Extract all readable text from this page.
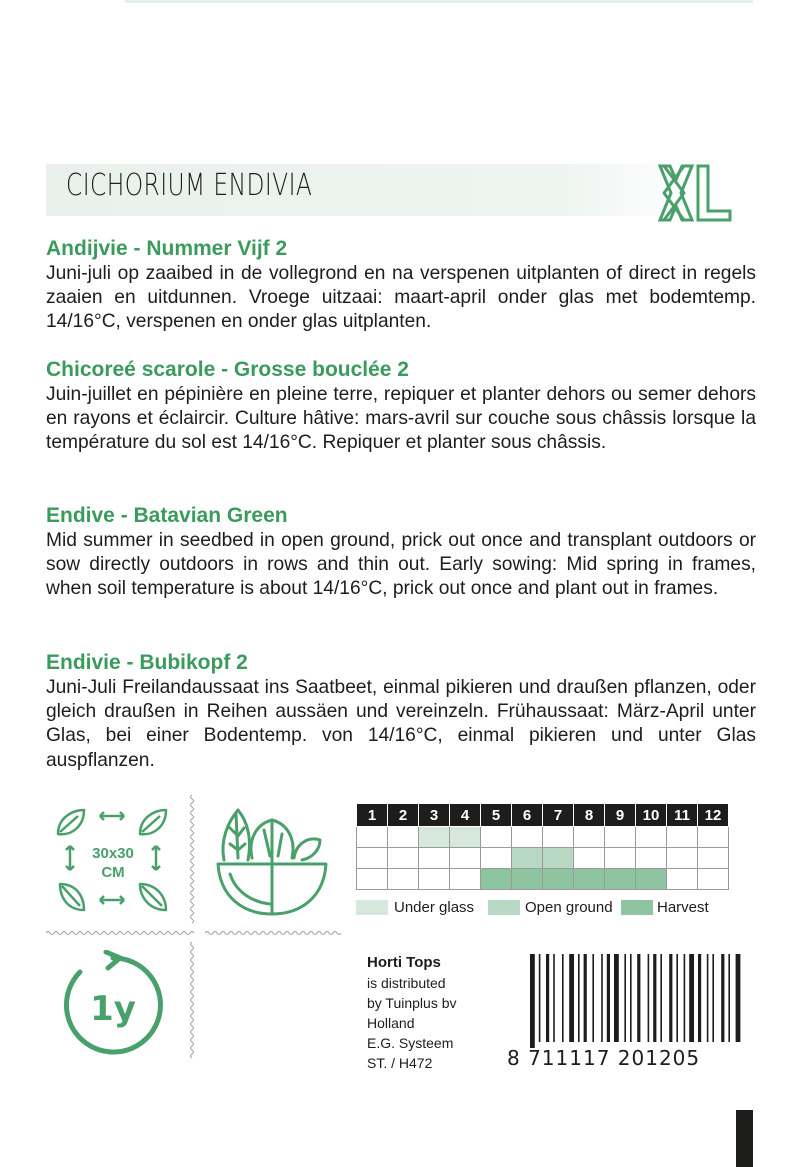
CICHORIUM ENDIVIA
Andijvie - Nummer Vijf 2

Juni-juli op zaaibed in de vollegrond en na verspenen uitplanten of direct in regels zaaien en uitdunnen. Vroege uitzaai: maart-april onder glas met bodemtemp. 14/16°C, verspenen en onder glas uitplanten.

Chicoreé scarole - Grosse bouclée 2

Juin-juillet en pépinière en pleine terre, repiquer et planter dehors ou semer dehors en rayons et éclaircir. Culture hâtive: mars-avril sur couche sous châssis lorsque la température du sol est 14/16°C. Repiquer et planter sous châssis.

Endive - Batavian Green

Mid summer in seedbed in open ground, prick out once and transplant outdoors or sow directly outdoors in rows and thin out. Early sowing: Mid spring in frames, when soil temperature is about 14/16°C, prick out once and plant out in frames.

Endivie - Bubikopf 2

Juni-Juli Freilandaussaat ins Saatbeet, einmal pikieren und draußen pflanzen, oder gleich draußen in Reihen aussäen und vereinzeln. Frühaussaat: März-April unter Glas, bei einer Bodentemp. von 14/16°C, einmal pikieren und unter Glas auspflanzen.

30x30
CM
1y
1	2	3	4	5	6	7	8	9	10	11	12

Under glass	Open ground	Harvest
Horti Tops
is distributed
by Tuinplus bv
Holland
E.G. Systeem
ST. / H472	8 711117 201205
